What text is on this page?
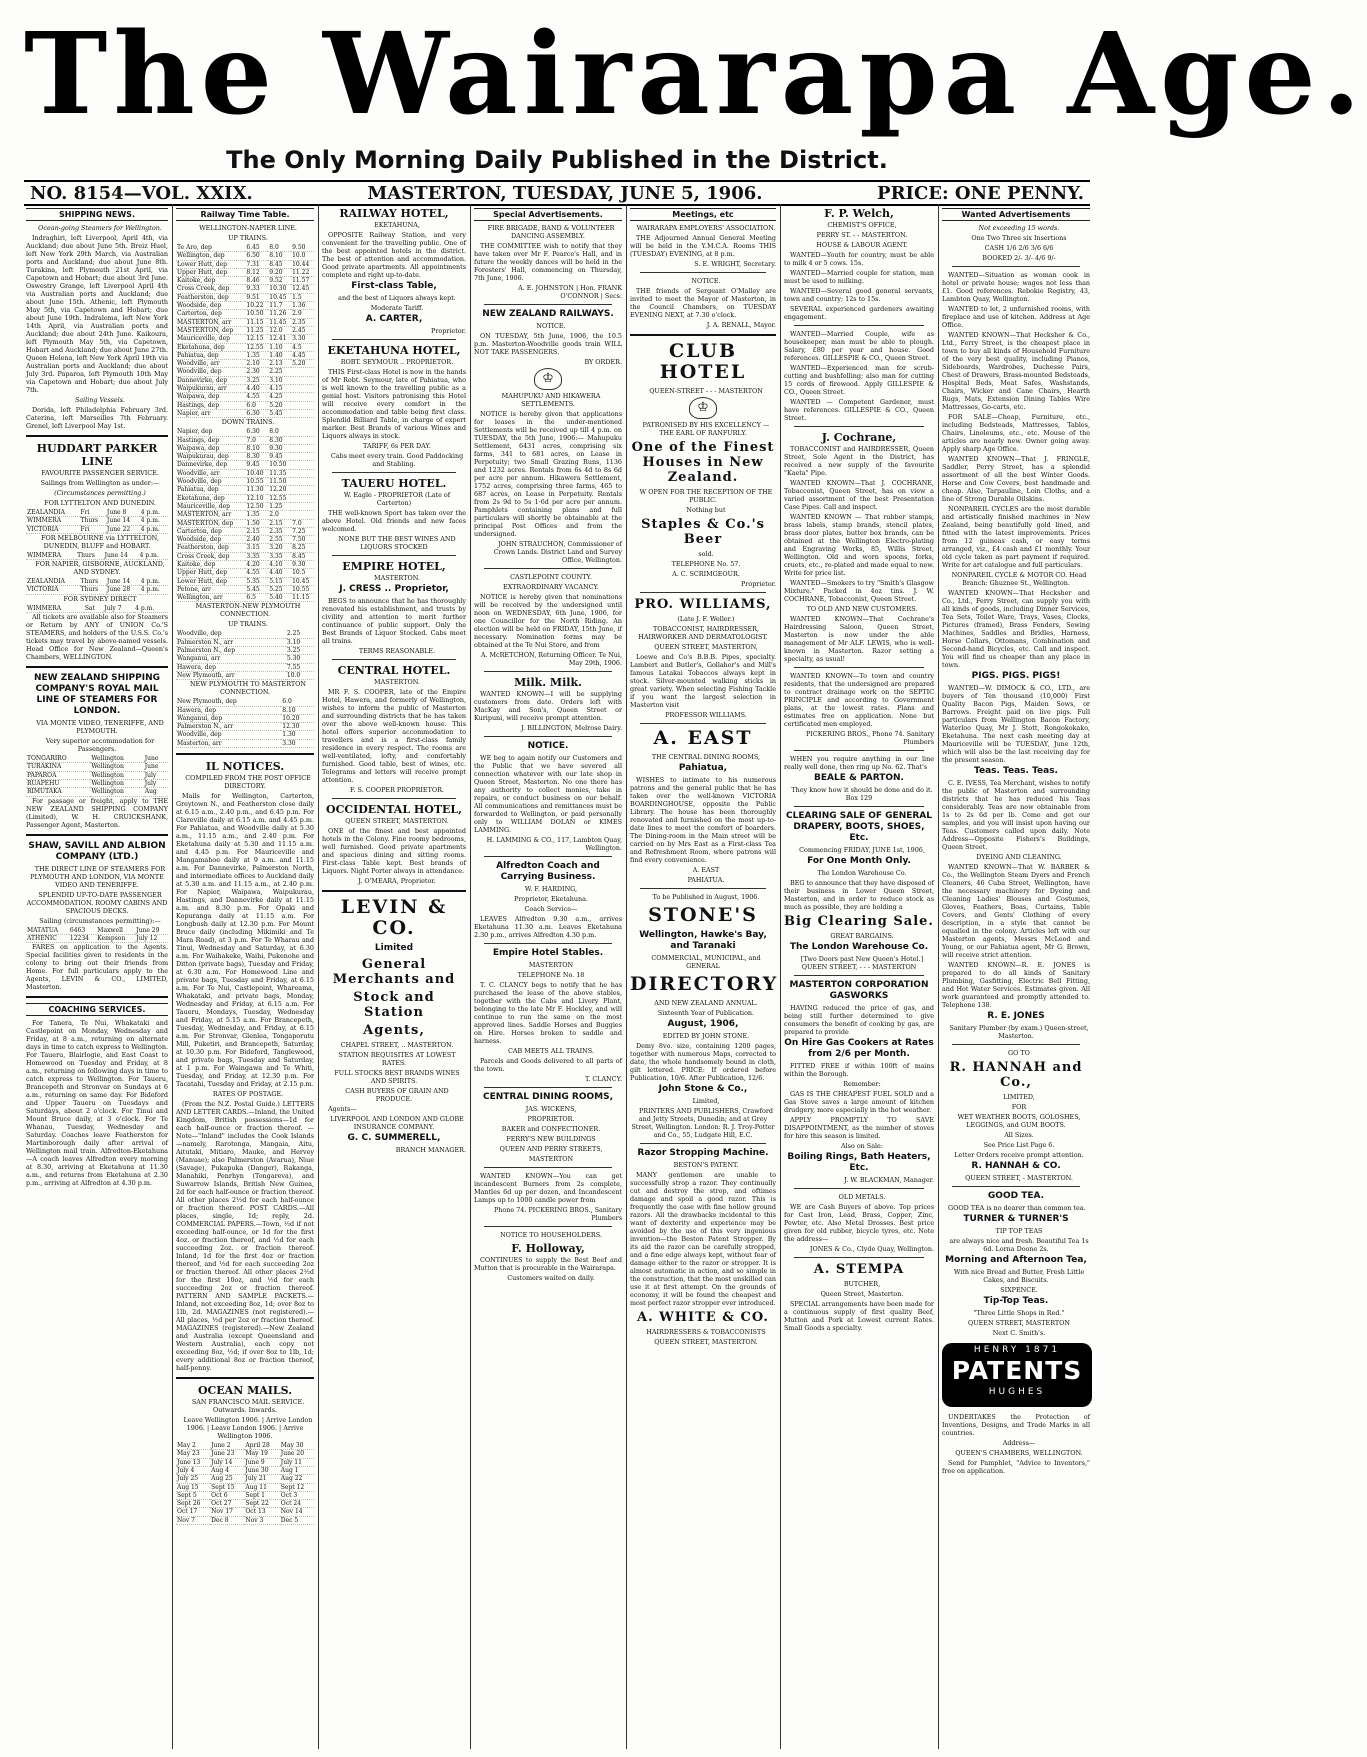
The Wairarapa Age.
The Only Morning Daily Published in the District.
NO. 8154—VOL. XXIX.	MASTERTON, TUESDAY, JUNE 5, 1906.	PRICE: ONE PENNY.
SHIPPING NEWS.

Ocean-going Steamers for Wellington.

Indraghiri, left Liverpool, April 4th, via Auckland; due about June 5th. Breiz Huel, left New York 29th March, via Australian ports and Auckland; due about June 8th. Turakina, left Plymouth 21st April, via Capetown and Hobart; due about 3rd June. Oswestry Grange, left Liverpool April 4th via Australian ports and Auckland; due about June 15th. Athenic, left Plymouth May 5th, via Capetown and Hobart; due about June 19th. Indralema, left New York 14th April, via Australian ports and Auckland; due about 24th June. Kaikoura, left Plymouth May 5th, via Capetown, Hobart and Auckland; due about June 27th. Queen Helena, left New York April 19th via Australian ports and Auckland; due about July 3rd. Paparoa, left Plymouth 10th May via Capetown and Hobart; due about July 7th.

Sailing Vessels.

Dorida, left Philadelphia February 3rd. Caterina, left Marseilles 7th February. Grenel, left Liverpool May 1st.

HUDDART PARKER LINE

FAVOURITE PASSENGER SERVICE.

Sailings from Wellington as under:—

(Circumstances permitting.)

FOR LYTTELTON AND DUNEDIN.

ZEALANDIA	Fri	June 8	4 p.m.
WIMMERA	Thurs	June 14	4 p.m.
VICTORIA	Fri	June 22	4 p.m.

FOR MELBOURNE via LYTTELTON, DUNEDIN, BLUFF and HOBART.

WIMMERA	Thurs	June 14	4 p.m.

FOR NAPIER, GISBORNE, AUCKLAND, AND SYDNEY.

ZEALANDIA	Thurs	June 14	4 p.m.
VICTORIA	Thurs	June 28	4 p.m.

FOR SYDNEY DIRECT

WIMMERA	Sat	July 7	4 p.m.

All tickets are available also for Steamers or Return by ANY of UNION Co.'S STEAMERS, and holders of the U.S.S. Co.'s tickets may travel by above-named vessels. Head Office for New Zealand—Queen's Chambers, WELLINGTON.

NEW ZEALAND SHIPPING COMPANY'S ROYAL MAIL LINE OF STEAMERS FOR LONDON.

VIA MONTE VIDEO, TENERIFFE, AND PLYMOUTH.

Very superior accommodation for Passengers.

TONGARIRO	Wellington	June
TURAKINA	Wellington	June
PAPAROA	Wellington	July
RUAPEHU	Wellington	July
RIMUTAKA	Wellington	Aug

For passage or freight, apply to THE NEW ZEALAND SHIPPING COMPANY (Limited), W. H. CRUICKSHANK, Passenger Agent, Masterton.

SHAW, SAVILL AND ALBION COMPANY (LTD.)

THE DIRECT LINE OF STEAMERS FOR PLYMOUTH AND LONDON, VIA MONTE VIDEO AND TENERIFFE.

SPLENDID UP-TO-DATE PASSENGER ACCOMMODATION. ROOMY CABINS AND SPACIOUS DECKS.

Sailing (circumstances permitting):—

MATATUA	6463	Maxwell	June 29
ATHENIC	12234	Kempson	July 12

FARES on application to the Agents. Special facilities given to residents in the colony to bring out their friends from Home. For full particulars apply to the Agents, LEVIN & CO., LIMITED, Masterton.

COACHING SERVICES.

For Tanera, Te Nui, Whakataki and Castlepoint on Monday, Wednesday and Friday, at 8 a.m., returning on alternate days in time to catch express to Wellington. For Taueru, Blairlogie, and East Coast to Homewood on Tuesday and Friday, at 8 a.m., returning on following days in time to catch express to Wellington. For Taueru, Brancepeth and Stronvar on Sundays at 6 a.m., returning on same day. For Bideford and Upper Taueru on Tuesdays and Saturdays, about 2 o'clock. For Tinui and Mount Bruce daily, at 3 o'clock. For Te Whanau, Tuesday, Wednesday and Saturday. Coaches leave Featherston for Martinborough daily after arrival of Wellington mail train. Alfredton-Eketahuna—A coach leaves Alfredton every morning at 8.30, arriving at Eketahuna at 11.30 a.m., and returns from Eketahuna at 2.30 p.m., arriving at Alfredton at 4.30 p.m.

Railway Time Table.

WELLINGTON-NAPIER LINE.

UP TRAINS.

Te Aro, dep	6.45	8.0	9.50
Wellington, dep	6.50	8.10	10.0
Lower Hutt, dep	7.31	8.45	10.44
Upper Hutt, dep	8.12	9.20	11.22
Kaitoke, dep	8.46	9.52	11.57
Cross Creek, dep	9.33	10.30	12.45
Featherston, dep	9.51	10.45	1.5
Woodside, dep	10.22	11.7	1.36
Carterton, dep	10.50	11.26	2.9
MASTERTON, arr	11.15	11.45	2.35
MASTERTON, dep	11.25	12.0	2.45
Mauriceville, dep	12.15	12.41	3.30
Eketahuna, dep	12.55	1.10	4.5
Pahiatua, dep	1.35	1.40	4.45
Woodville, arr	2.10	2.13	5.20
Woodville, dep	2.30	2.25	
Dannevirke, dep	3.25	3.10	
Waipukurau, arr	4.40	4.15	
Waipawa, dep	4.55	4.25	
Hastings, dep	6.0	5.20	
Napier, arr	6.30	5.45	

DOWN TRAINS.

Napier, dep	6.30	8.0	
Hastings, dep	7.0	8.30	
Waipawa, dep	8.10	9.30	
Waipukurau, dep	8.30	9.45	
Dannevirke, dep	9.45	10.50	
Woodville, arr	10.40	11.35	
Woodville, dep	10.55	11.50	
Pahiatua, dep	11.30	12.20	
Eketahuna, dep	12.10	12.55	
Mauriceville, dep	12.50	1.25	
MASTERTON, arr	1.35	2.0	
MASTERTON, dep	1.50	2.15	7.0
Carterton, dep	2.15	2.35	7.25
Woodside, dep	2.40	2.55	7.50
Featherston, dep	3.15	3.20	8.25
Cross Creek, dep	3.35	3.35	8.45
Kaitoke, dep	4.20	4.10	9.30
Upper Hutt, dep	4.55	4.40	10.5
Lower Hutt, dep	5.35	5.15	10.45
Petone, arr	5.45	5.25	10.55
Wellington, arr	6.5	5.40	11.15

MASTERTON-NEW PLYMOUTH CONNECTION.

UP TRAINS.

Woodville, dep	2.25
Palmerston N., arr	3.10
Palmerston N., dep	3.25
Wanganui, arr	5.30
Hawera, dep	7.55
New Plymouth, arr	10.0

NEW PLYMOUTH TO MASTERTON CONNECTION.

New Plymouth, dep	6.0
Hawera, dep	8.10
Wanganui, dep	10.20
Palmerston N., arr	12.30
Woodville, dep	1.30
Masterton, arr	3.30
IL NOTICES.

COMPILED FROM THE POST OFFICE DIRECTORY.

Mails for Wellington, Carterton, Greytown N., and Featherston close daily at 6.15 a.m., 2.40 p.m., and 6.45 p.m. For Clareville daily at 6.15 a.m. and 4.45 p.m. For Pahiatua, and Woodville daily at 5.30 a.m., 11.15 a.m., and 2.40 p.m. For Eketahuna daily at 5.30 and 11.15 a.m. and 4.45 p.m. For Mauriceville and Mangamahoe daily at 9 a.m. and 11.15 a.m. For Dannevirke, Palmerston North, and intermediate offices to Auckland daily at 5.30 a.m. and 11.15 a.m., at 2.40 p.m. For Napier, Waipawa, Waipukurau, Hastings, and Dannevirke daily at 11.15 a.m. and 8.30 p.m. For Opaki and Kopuranga daily at 11.15 a.m. For Longbush daily at 12.30 p.m. For Mount Bruce daily (including Mikimiki and Te Mara Road), at 3 p.m. For Te Wharau and Tinui, Wednesday and Saturday, at 6.30 a.m. For Waihakeke, Waihi, Pukenohe and Ditton (private bags), Tuesday and Friday, at 6.30 a.m. For Homewood Line and private bags, Tuesday and Friday, at 6.15 a.m. For Te Nui, Castlepoint, Whareama, Whakataki, and private bags, Monday, Wednesday and Friday, at 6.15 a.m. For Taueru, Mondays, Tuesday, Wednesday and Friday, at 5.15 a.m. For Brancepeth, Tuesday, Wednesday, and Friday, at 6.15 a.m. For Stronvar, Glenlea, Tongaporutu Mill, Puketiri, and Brancepeth, Saturday, at 10.30 p.m. For Bideford, Tanglewood, and private bags, Tuesday and Saturday, at 1 p.m. For Waingawa and Te Whiti, Tuesday, and Friday, at 12.30 p.m. For Tacatahi, Tuesday and Friday, at 2.15 p.m.

RATES OF POSTAGE.

(From the N.Z. Postal Guide.) LETTERS AND LETTER CARDS.—Inland, the United Kingdom, British possessions—1d for each half-ounce or fraction thereof. —Note—"Inland" includes the Cook Islands—namely, Rarotonga, Mangaia, Aitu, Aitutaki, Mitiaro, Mauke, and Hervey (Manuae); also Palmerston (Avarua), Niue (Savage), Pukapuka (Danger), Rakanga, Manahiki, Penrhyn (Tongareva), and Suwarrow Islands, British New Guinea, 2d for each half-ounce or fraction thereof. All other places 2½d for each half-ounce or fraction thereof. POST CARDS.—All places, single, 1d; reply, 2d. COMMERCIAL PAPERS.—Town, ½d if not exceeding half-ounce, or 1d for the first 4oz. or fraction thereof, and ½d for each succeeding 2oz. or fraction thereof. Inland, 1d for the first 4oz or fraction thereof, and ½d for each succeeding 2oz or fraction thereof. All other places 2½d for the first 10oz, and ½d for each succeeding 2oz or fraction thereof. PATTERN AND SAMPLE PACKETS.—Inland, not exceeding 8oz, 1d; over 8oz to 1lb, 2d. MAGAZINES (not registered).—All places, ½d per 2oz or fraction thereof. MAGAZINES (registered).—New Zealand and Australia (except Queensland and Western Australia), each copy not exceeding 8oz, ½d; if over 8oz to 1lb, 1d; every additional 8oz or fraction thereof, half-penny.

OCEAN MAILS.

SAN FRANCISCO MAIL SERVICE. Outwards. Inwards.

Leave Wellington 1906. | Arrive London 1906. | Leave London 1906. | Arrive Wellington 1906.

May 2	June 2	April 28	May 30
May 23	June 23	May 19	June 20
June 13	July 14	June 9	July 11
July 4	Aug 4	June 30	Aug 1
July 25	Aug 25	July 21	Aug 22
Aug 15	Sept 15	Aug 11	Sept 12
Sept 5	Oct 6	Sept 1	Oct 3
Sept 26	Oct 27	Sept 22	Oct 24
Oct 17	Nov 17	Oct 13	Nov 14
Nov 7	Dec 8	Nov 3	Dec 5
RAILWAY HOTEL,

EKETAHUNA,

OPPOSITE Railway Station, and very convenient for the travelling public. One of the best appointed hotels in the district. The best of attention and accommodation. Good private apartments. All appointments complete and right up-to-date.

First-class Table,

and the best of Liquors always kept.

Moderate Tariff.

A. CARTER,

Proprietor.

EKETAHUNA HOTEL,

ROBT. SEYMOUR .. PROPRIETOR.

THIS First-class Hotel is now in the hands of Mr Robt. Seymour, late of Pahiatua, who is well known to the travelling public as a genial host. Visitors patronising this Hotel will receive every comfort in the accommodation and table being first class. Splendid Billiard Table, in charge of expert marker. Best Brands of various Wines and Liquors always in stock.

TARIFF, 6s PER DAY.

Cabs meet every train. Good Paddocking and Stabling.

TAUERU HOTEL.

W. Eagle - PROPRIETOR (Late of Carterton)

THE well-known Sport has taken over the above Hotel. Old friends and new faces welcomed.

NONE BUT THE BEST WINES AND LIQUORS STOCKED

EMPIRE HOTEL,

MASTERTON.

J. CRESS .. Proprietor,

BEGS to announce that he has thoroughly renovated his establishment, and trusts by civility and attention to merit further continuance of public support. Only the Best Brands of Liquor Stocked. Cabs meet all trains.

TERMS REASONABLE.

CENTRAL HOTEL.

MASTERTON.

MR F. S. COOPER, late of the Empire Hotel, Hawera, and formerly of Wellington, wishes to inform the public of Masterton and surrounding districts that he has taken over the above well-known house. This hotel offers superior accommodation to travellers and is a first-class family residence in every respect. The rooms are well-ventilated, lofty, and comfortably furnished. Good table, best of wines, etc. Telegrams and letters will receive prompt attention.

F. S. COOPER PROPRIETOR.

OCCIDENTAL HOTEL,

QUEEN STREET, MASTERTON.

ONE of the finest and best appointed hotels in the Colony. Fine roomy bedrooms, well furnished. Good private apartments and spacious dining and sitting rooms. First-class Table kept. Best brands of Liquors. Night Porter always in attendance.

J. O'MEARA, Proprietor.

LEVIN & CO.
Limited
General Merchants and
Stock and Station
Agents,

CHAPEL STREET, .. MASTERTON.

STATION REQUISITES AT LOWEST RATES.

FULL STOCKS BEST BRANDS WINES AND SPIRITS.

CASH BUYERS OF GRAIN AND PRODUCE.

Agents—

LIVERPOOL AND LONDON AND GLOBE INSURANCE COMPANY.

G. C. SUMMERELL,

BRANCH MANAGER.

Special Advertisements.

FIRE BRIGADE, BAND & VOLUNTEER DANCING ASSEMBLY.

THE COMMITTEE wish to notify that they have taken over Mr F. Pearce's Hall, and in future the weekly dances will be held in the Foresters' Hall, commencing on Thursday, 7th June, 1906.

A. E. JOHNSTON | Hon. FRANK O'CONNOR | Secs.

NEW ZEALAND RAILWAYS.

NOTICE.

ON TUESDAY, 5th June, 1906, the 10.5 p.m. Masterton-Woodville goods train WILL NOT TAKE PASSENGERS.

BY ORDER.

♔

MAHUPUKU AND HIKAWERA SETTLEMENTS.

NOTICE is hereby given that applications for leases in the under-mentioned Settlements will be received up till 4 p.m. on TUESDAY, the 5th June, 1906:— Mahupuku Settlement, 6431 acres, comprising six farms, 341 to 681 acres, on Lease in Perpetuity; two Small Grazing Runs, 1136 and 1232 acres. Rentals from 6s 4d to 8s 6d per acre per annum. Hikawera Settlement, 1752 acres, comprising three farms, 465 to 687 acres, on Lease in Perpetuity. Rentals from 2s 9d to 5s 1·6d per acre per annum. Pamphlets containing plans and full particulars will shortly be obtainable at the principal Post Offices and from the undersigned.

JOHN STRAUCHON, Commissioner of Crown Lands. District Land and Survey Office, Wellington.

CASTLEPOINT COUNTY.

EXTRAORDINARY VACANCY.

NOTICE is hereby given that nominations will be received by the undersigned until noon on WEDNESDAY, 6th June, 1906, for one Councillor for the North Riding. An election will be held on FRIDAY, 15th June, if necessary. Nomination forms may be obtained at the Te Nui Store, and from

A. McRETCHON, Returning Officer. Te Nui, May 29th, 1906.

Milk. Milk.

WANTED KNOWN—I will be supplying customers from date. Orders left with MacKay and Son's, Queen Street or Kuripuni, will receive prompt attention.

J. BILLINGTON, Melrose Dairy.

NOTICE.

WE beg to again notify our Customers and the Public that we have severed all connection whatever with our late shop in Queen Street, Masterton. No one there has any authority to collect monies, take in repairs, or conduct business on our behalf. All communications and remittances must be forwarded to Wellington, or paid personally only to WILLIAM DOLAN or KIMES LAMMING.

H. LAMMING & CO., 117, Lambton Quay, Wellington.

Alfredton Coach and Carrying Business.

W. F. HARDING,

Proprietor, Eketahuna.

Coach Service—

LEAVES Alfredton 9.30 a.m., arrives Eketahuna 11.30 a.m. Leaves Eketahuna 2.30 p.m., arrives Alfredton 4.30 p.m.

Empire Hotel Stables.

MASTERTON

TELEPHONE No. 18

T. C. CLANCY begs to notify that he has purchased the lease of the above stables, together with the Cabs and Livery Plant, belonging to the late Mr F. Hockley, and will continue to run the same on the most approved lines. Saddle Horses and Buggies on Hire. Horses broken to saddle and harness.

CAB MEETS ALL TRAINS.

Parcels and Goods delivered to all parts of the town.

T. CLANCY.

CENTRAL DINING ROOMS,

JAS. WICKENS,

PROPRIETOR.

BAKER and CONFECTIONER.

FERRY'S NEW BUILDINGS

QUEEN AND PERRY STREETS,

MASTERTON

WANTED KNOWN—You can get incandescent Burners from 2s complete, Mantles 6d up per dozen, and Incandescent Lamps up to 1000 candle power from

Phone 74. PICKERING BROS., Sanitary Plumbers

NOTICE TO HOUSEHOLDERS.

F. Holloway,

CONTINUES to supply the Best Beef and Mutton that is procurable in the Wairarapa.

Customers waited on daily.

Meetings, etc

WAIRARAPA EMPLOYERS' ASSOCIATION.

THE Adjourned Annual General Meeting will be held in the Y.M.C.A. Rooms THIS (TUESDAY) EVENING, at 8 p.m.

S. E. WRIGHT, Secretary.

NOTICE.

THE friends of Sergeant O'Malley are invited to meet the Mayor of Masterton, in the Council Chambers, on TUESDAY EVENING NEXT, at 7.30 o'clock.

J. A. RENALL, Mayor.

CLUB HOTEL

QUEEN-STREET - - - MASTERTON

♔

PATRONISED BY HIS EXCELLENCY — THE EARL OF RANFURLY.

One of the Finest Houses in New Zealand.

W OPEN FOR THE RECEPTION OF THE PUBLIC.

Nothing but

Staples & Co.'s Beer

sold.

TELEPHONE No. 57.

A. C. SCRIMGEOUR.

Proprietor.

PRO. WILLIAMS,

(Late J. F. Weller.)

TOBACCONIST, HAIRDRESSER, HAIRWORKER AND DERMATOLOGIST.

QUEEN STREET, MASTERTON,

Loewe and Co's B.B.B. Pipes, specialty. Lambert and Butler's, Gollaher's and Mill's famous Latakai Tobaccos always kept in stock. Silver-mounted walking sticks in great variety. When selecting Fishing Tackle if you want the largest selection in Masterton visit

PROFESSOR WILLIAMS.

A. EAST

THE CENTRAL DINING ROOMS,

Pahiatua,

WISHES to intimate to his numerous patrons and the general public that he has taken over the well-known VICTORIA BOARDINGHOUSE, opposite the Public Library. The house has been thoroughly renovated and furnished on the most up-to-date lines to meet the comfort of boarders. The Dining-room in the Main street will be carried on by Mrs East as a First-class Tea and Refreshment Room, where patrons will find every convenience.

A. EAST

PAHIATUA.

To be Published in August, 1906.

STONE'S
Wellington, Hawke's Bay, and Taranaki

COMMERCIAL, MUNICIPAL, and GENERAL

DIRECTORY

AND NEW ZEALAND ANNUAL.

Sixteenth Year of Publication.

August, 1906,

EDITED BY JOHN STONE.

Demy 8vo. size, containing 1200 pages, together with numerous Maps, corrected to date, the whole handsomely bound in cloth, gilt lettered. PRICE: If ordered before Publication, 10/6. After Publication, 12/6.

John Stone & Co.,

Limited,

PRINTERS AND PUBLISHERS, Crawford and Jetty Streets, Dunedin; and at Grey Street, Wellington. London: R. J. Troy-Potter and Co., 55, Ludgate Hill, E.C.

Razor Stropping Machine.

BESTON'S PATENT.

MANY gentlemen are unable to successfully strop a razor. They continually cut and destroy the strop, and oftimes damage and spoil a good razor. This is frequently the case with fine hollow ground razors. All the drawbacks incidental to this want of dexterity and experience may be avoided by the use of this very ingenious invention—the Beston Patent Stropper. By its aid the razor can be carefully stropped, and a fine edge always kept, without fear of damage either to the razor or stropper. It is almost automatic in action, and so simple in the construction, that the most unskilled can use it at first attempt. On the grounds of economy, it will be found the cheapest and most perfect razor stropper ever introduced.

A. WHITE & CO.

HAIRDRESSERS & TOBACCONISTS

QUEEN STREET, MASTERTON.

F. P. Welch,

CHEMIST'S OFFICE,

PERRY ST. - - MASTERTON.

HOUSE & LABOUR AGENT.

WANTED—Youth for country, must be able to milk 4 or 5 cows. 15s.

WANTED—Married couple for station, man must be used to milking.

WANTED—Several good general servants, town and country; 12s to 15s.

SEVERAL experienced gardeners awaiting engagement.

WANTED—Married Couple, wife as housekeeper, man must be able to plough. Salary, £80 per year and house. Good references. GILLESPIE & CO., Queen Street.

WANTED—Experienced man for scrub-cutting and bushfelling; also man for cutting 15 cords of firewood. Apply GILLESPIE & CO., Queen Street.

WANTED — Competent Gardener, must have references. GILLESPIE & CO., Queen Street.

J. Cochrane,

TOBACCONIST and HAIRDRESSER, Queen Street, Sole Agent in the District, has received a new supply of the favourite "Kaeta" Pipe.

WANTED KNOWN—That J. COCHRANE, Tobacconist, Queen Street, has on view a varied assortment of the best Presentation Case Pipes. Call and inspect.

WANTED KNOWN — That rubber stamps, brass labels, stamp brands, stencil plates, brass door plates, butter box brands, can be obtained at the Wellington Electro-plating and Engraving Works, 85, Willis Street, Wellington. Old and worn spoons, forks, cruets, etc., re-plated and made equal to new. Write for price list.

WANTED—Smokers to try "Smith's Glasgow Mixture." Packed in 4oz tins. J. W. COCHRANE, Tobacconist, Queen Street.

TO OLD AND NEW CUSTOMERS.

WANTED KNOWN—That Cochrane's Hairdressing Saloon, Queen Street, Masterton is now under the able management of Mr ALF. LEWIS, who is well-known in Masterton. Razor setting a specialty, as usual!

WANTED KNOWN—To town and country residents, that the undersigned are prepared to contract drainage work on the SEPTIC PRINCIPLE and according to Government plans, at the lowest rates. Plans and estimates free on application. None but certificated men employed.

PICKERING BROS., Phone 74. Sanitary Plumbers

WHEN you require anything in our line really well done, then ring up No. 62. That's

BEALE & PARTON.

They know how it should be done and do it. Box 129

CLEARING SALE OF GENERAL DRAPERY, BOOTS, SHOES, Etc.

Commencing FRIDAY, JUNE 1st, 1906,

For One Month Only.

The London Warehouse Co.

BEG to announce that they have disposed of their business in Lower Queen Street, Masterton, and in order to reduce stock as much as possible, they are holding a

Big Clearing Sale.

GREAT BARGAINS.

The London Warehouse Co.

[Two Doors past New Queen's Hotel.] QUEEN STREET, - - - MASTERTON

MASTERTON CORPORATION GASWORKS

HAVING reduced the price of gas, and being still further determined to give consumers the benefit of cooking by gas, are prepared to provide

On Hire Gas Cookers at Rates from 2/6 per Month.

FITTED FREE if within 100ft of mains within the Borough.

Remember:

GAS IS THE CHEAPEST FUEL SOLD and a Gas Stove saves a large amount of kitchen drudgery, more especially in the hot weather.

APPLY PROMPTLY TO SAVE DISAPPOINTMENT, as the number of stoves for hire this season is limited.

Also on Sale:

Boiling Rings, Bath Heaters, Etc.

J. W. BLACKMAN, Manager.

OLD METALS.

WE are Cash Buyers of above. Top prices for Cast Iron, Lead, Brass, Copper, Zinc, Pewter, etc. Also Metal Drosses. Best price given for old rubber, bicycle tyres, etc. Note the address—

JONES & Co., Clyde Quay, Wellington.

A. STEMPA

BUTCHER,

Queen Street, Masterton.

SPECIAL arrangements have been made for a continuous supply of first quality Beef, Mutton and Pork at Lowest current Rates. Small Goods a specialty.

Wanted Advertisements

Not exceeding 15 words.

One Two Three six Insertions

CASH 1/6 2/6 3/6 6/6

BOOKED 2/- 3/- 4/6 9/-

WANTED—Situation as woman cook in hotel or private house; wages not less than £1. Good references. Rebokie Registry, 43, Lambton Quay, Wellington.

WANTED to let, 2 unfurnished rooms, with fireplace and use of kitchen. Address at Age Office.

WANTED KNOWN—That Hecksher & Co., Ltd., Ferry Street, is the cheapest place in town to buy all kinds of Household Furniture of the very best quality, including Pianos, Sideboards, Wardrobes, Duchesse Pairs, Chest of Drawers, Brass-mounted Bedsteads, Hospital Beds, Meat Safes, Washstands, Chairs, Wicker and Cane Chairs, Hearth Rugs, Mats, Extension Dining Tables Wire Mattresses, Go-carts, etc.

FOR SALE—Cheap, Furniture, etc., including Bedsteads, Mattresses, Tables, Chairs, Linoleums, etc., etc. Mouse of the articles are nearly new. Owner going away. Apply sharp Age Office.

WANTED KNOWN—That J. FRINGLE, Saddler, Perry Street, has a splendid assortment of all the best Winter Goods. Horse and Cow Covers, best handmade and cheap. Also, Tarpauline, Loin Cloths, and a line of Strong Durable Oilskins.

NONPAREIL CYCLES are the most durable and artistically finished machines in New Zealand, being beautifully gold lined, and fitted with the latest improvements. Prices from 12 guineas cash, or easy terms arranged, viz., £4 cash and £1 monthly. Your old cycle taken as part payment if required. Write for art catalogue and full particulars.

NONPAREIL CYCLE & MOTOR CO. Head Branch: Ghuznee St., Wellington.

WANTED KNOWN—That Hecksher and Co., Ltd., Ferry Street, can supply you with all kinds of goods, including Dinner Services, Tea Sets, Toilet Ware, Trays, Vases, Clocks, Pictures (framed), Brass Fenders, Sewing Machines, Saddles and Bridles, Harness, Horse Collars, Ottomans, Combination and Second-hand Bicycles, etc. Call and inspect. You will find us cheaper than any place in town.

PIGS. PIGS. PIGS!

WANTED—W. DIMOCK & CO., LTD., are buyers of Ten thousand (10,000) First Quality Bacon Pigs, Maiden Sows, or Barrows. Freight paid on live pigs. Full particulars from Wellington Bacon Factory, Waterloo Quay, Mr J. Stott, Rongokokako, Eketahuna. The next cash meeting day at Mauriceville will be TUESDAY, June 12th, which will also be the last receiving day for the present season.

Teas. Teas. Teas.

C. E. IVESS, Tea Merchant, wishes to notify the public of Masterton and surrounding districts that he has reduced his Teas considerably. Teas are now obtainable from 1s to 2s 6d per lb. Come and get our samples, and you will insist upon having our Teas. Customers called upon daily. Note Address—Opposite Fishers's Buildings, Queen Street.

DYEING AND CLEANING.

WANTED KNOWN—That W. BARBER & Co., the Wellington Steam Dyers and French Cleaners, 46 Cuba Street, Wellington, have the necessary machinery for Dyeing and Cleaning Ladies' Blouses and Costumes, Gloves, Feathers, Boas, Curtains, Table Covers, and Gents' Clothing of every description, in a style that cannot be equalled in the colony. Articles left with our Masterton agents, Messrs McLeod and Young, or our Pahiatua agent, Mr G. Brown, will receive strict attention.

WANTED KNOWN—R. E. JONES is prepared to do all kinds of Sanitary Plumbing, Gasfitting, Electric Bell Fitting, and Hot Water Services. Estimates given. All work guaranteed and promptly attended to. Telephone 138.

R. E. JONES

Sanitary Plumber (by exam.) Queen-street, Masterton.

GO TO

R. HANNAH and Co.,

LIMITED,

FOR

WET WEATHER BOOTS, GOLOSHES, LEGGINGS, and GUM BOOTS.

All Sizes.

See Price List Page 6.

Letter Orders receive prompt attention.

R. HANNAH & CO.

QUEEN STREET, - MASTERTON.

GOOD TEA.

GOOD TEA is no dearer than common tea.

TURNER & TURNER'S

TIP TOP TEAS

are always nice and fresh. Beautiful Tea 1s 6d. Lorna Doone 2s.

Morning and Afternoon Tea,

With nice Bread and Butter, Fresh Little Cakes, and Biscuits.

SIXPENCE.

Tip-Top Teas.

"Three Little Shops in Red."

QUEEN STREET, MASTERTON

Next C. Smith's.

HENRY 1871
PATENTS
HUGHES

UNDERTAKES the Protection of Inventions, Designs, and Trade Marks in all countries.

Address—

QUEEN'S CHAMBERS, WELLINGTON.

Send for Pamphlet, "Advice to Inventors," free on application.
